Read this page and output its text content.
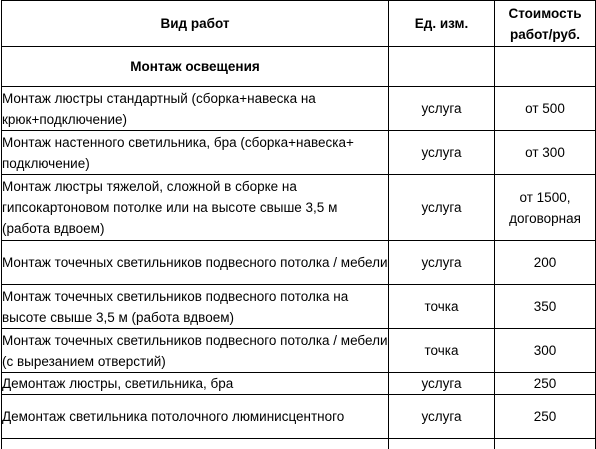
Вид работ	Ед. изм.	Стоимость
работ/руб.

Монтаж освещения		
Монтаж люстры стандартный (сборка+навеска на крюк+подключение)	услуга	от 500
Монтаж настенного светильника, бра (сборка+навеска+ подключение)	услуга	от 300
Монтаж люстры тяжелой, сложной в сборке на гипсокартоновом потолке или на высоте свыше 3,5 м (работа вдвоем)	услуга	от 1500,
договорная

Монтаж точечных светильников подвесного потолка / мебели	услуга	200
Монтаж точечных светильников подвесного потолка на высоте свыше 3,5 м (работа вдвоем)	точка	350
Монтаж точечных светильников подвесного потолка / мебели (с вырезанием отверстий)	точка	300
Демонтаж люстры, светильника, бра	услуга	250
Демонтаж светильника потолочного люминисцентного	услуга	250
